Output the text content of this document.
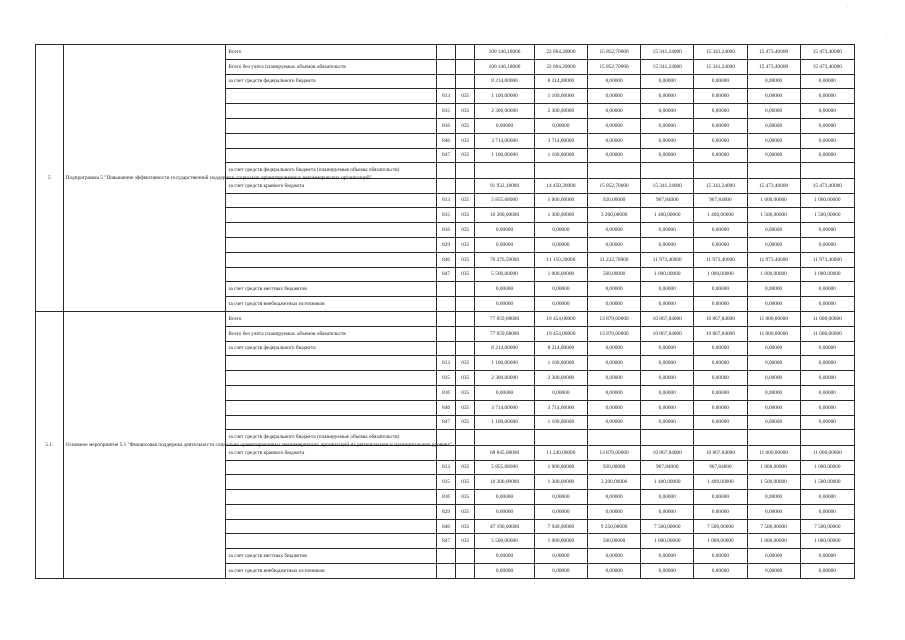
'
'
5	Подпрограмма 5 "Повышение эффективности государственной поддержки социально ориентированных некоммерческих организаций"	Всего			100 146,18000	22 664,20000	15 852,70000	15 341,24000	15 341,24000	15 473,40000	15 473,40000
		Всего без учета планируемых объемов обязательств			100 146,18000	22 664,20000	15 852,70000	15 341,24000	15 341,24000	15 473,40000	15 473,40000
		за счет средств федерального бюджета			8 214,00000	8 214,00000	0,00000	0,00000	0,00000	0,00000	0,00000
			813	035	1 100,00000	1 100,00000	0,00000	0,00000	0,00000	0,00000	0,00000
			815	035	2 300,00000	2 300,00000	0,00000	0,00000	0,00000	0,00000	0,00000
			816	035	0,00000	0,00000	0,00000	0,00000	0,00000	0,00000	0,00000
			846	035	3 714,00000	3 714,00000	0,00000	0,00000	0,00000	0,00000	0,00000
			847	035	1 100,00000	1 100,00000	0,00000	0,00000	0,00000	0,00000	0,00000
		за счет средств федерального бюджета (планируемые объемы обязательств)									
		за счет средств краевого бюджета			91 932,18000	14 450,20000	15 852,70000	15 341,24000	15 341,24000	15 473,40000	15 473,40000
			813	035	5 855,68000	1 000,00000	920,00000	967,84000	967,84000	1 000,00000	1 000,00000
			815	035	10 300,00000	1 300,00000	3 200,00000	1 400,00000	1 400,00000	1 500,00000	1 500,00000
			816	035	0,00000	0,00000	0,00000	0,00000	0,00000	0,00000	0,00000
			829	035	0,00000	0,00000	0,00000	0,00000	0,00000	0,00000	0,00000
			846	035	70 276,50000	11 150,20000	11 232,70000	11 973,40000	11 973,40000	11 973,40000	11 973,40000
			847	035	5 500,00000	1 000,00000	500,00000	1 000,00000	1 000,00000	1 000,00000	1 000,00000
		за счет средств местных бюджетов			0,00000	0,00000	0,00000	0,00000	0,00000	0,00000	0,00000
		за счет средств внебюджетных источников			0,00000	0,00000	0,00000	0,00000	0,00000	0,00000	0,00000
5.1.	Основное мероприятие 5.1 "Финансовая поддержка деятельности социально ориентированных некоммерческих организаций на региональном и муниципальном уровнях"	Всего			77 059,68000	19 454,00000	13 870,00000	10 867,84000	10 867,84000	11 000,00000	11 000,00000
		Всего без учета планируемых объемов обязательств			77 059,68000	19 454,00000	13 870,00000	10 867,84000	10 867,84000	11 000,00000	11 000,00000
		за счет средств федерального бюджета			8 214,00000	8 214,00000	0,00000	0,00000	0,00000	0,00000	0,00000
			813	035	1 100,00000	1 100,00000	0,00000	0,00000	0,00000	0,00000	0,00000
			815	035	2 300,00000	2 300,00000	0,00000	0,00000	0,00000	0,00000	0,00000
			816	035	0,00000	0,00000	0,00000	0,00000	0,00000	0,00000	0,00000
			846	035	3 714,00000	3 714,00000	0,00000	0,00000	0,00000	0,00000	0,00000
			847	035	1 100,00000	1 100,00000	0,00000	0,00000	0,00000	0,00000	0,00000
		за счет средств федерального бюджета (планируемые объемы обязательств)									
		за счет средств краевого бюджета			68 845,68000	11 240,00000	13 870,00000	10 867,84000	10 867,84000	11 000,00000	11 000,00000
			813	035	5 855,68000	1 000,00000	920,00000	967,84000	967,84000	1 000,00000	1 000,00000
			815	035	10 300,00000	1 300,00000	3 200,00000	1 400,00000	1 400,00000	1 500,00000	1 500,00000
			816	035	0,00000	0,00000	0,00000	0,00000	0,00000	0,00000	0,00000
			829	035	0,00000	0,00000	0,00000	0,00000	0,00000	0,00000	0,00000
			846	035	47 190,00000	7 940,00000	9 250,00000	7 500,00000	7 500,00000	7 500,00000	7 500,00000
			847	035	5 500,00000	1 000,00000	500,00000	1 000,00000	1 000,00000	1 000,00000	1 000,00000
		за счет средств местных бюджетов			0,00000	0,00000	0,00000	0,00000	0,00000	0,00000	0,00000
		за счет средств внебюджетных источников			0,00000	0,00000	0,00000	0,00000	0,00000	0,00000	0,00000
